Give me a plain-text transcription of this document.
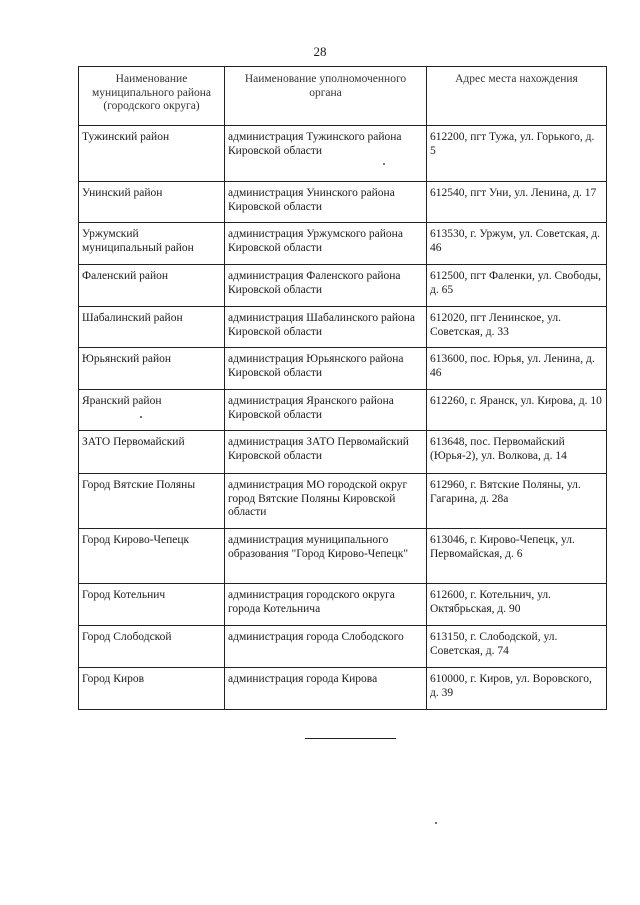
28
Наименование муниципального района (городского округа)	Наименование уполномоченного органа	Адрес места нахождения
Тужинский район	администрация Тужинского района Кировской области	612200, пгт Тужа, ул. Горького, д. 5
Унинский район	администрация Унинского района Кировской области	612540, пгт Уни, ул. Ленина, д. 17
Уржумский муниципальный район	администрация Уржумского района Кировской области	613530, г. Уржум, ул. Советская, д. 46
Фаленский район	администрация Фаленского района Кировской области	612500, пгт Фаленки, ул. Свободы, д. 65
Шабалинский район	администрация Шабалинского района Кировской области	612020, пгт Ленинское, ул. Советская, д. 33
Юрьянский район	администрация Юрьянского района Кировской области	613600, пос. Юрья, ул. Ленина, д. 46
Яранский район	администрация Яранского района Кировской области	612260, г. Яранск, ул. Кирова, д. 10
ЗАТО Первомайский	администрация ЗАТО Первомайский Кировской области	613648, пос. Первомайский (Юрья-2), ул. Волкова, д. 14
Город Вятские Поляны	администрация МО городской округ город Вятские Поляны Кировской области	612960, г. Вятские Поляны, ул. Гагарина, д. 28а
Город Кирово-Чепецк	администрация муниципального образования "Город Кирово-Чепецк"	613046, г. Кирово-Чепецк, ул. Первомайская, д. 6
Город Котельнич	администрация городского округа города Котельнича	612600, г. Котельнич, ул. Октябрьская, д. 90
Город Слободской	администрация города Слободского	613150, г. Слободской, ул. Советская, д. 74
Город Киров	администрация города Кирова	610000, г. Киров, ул. Воровского, д. 39
